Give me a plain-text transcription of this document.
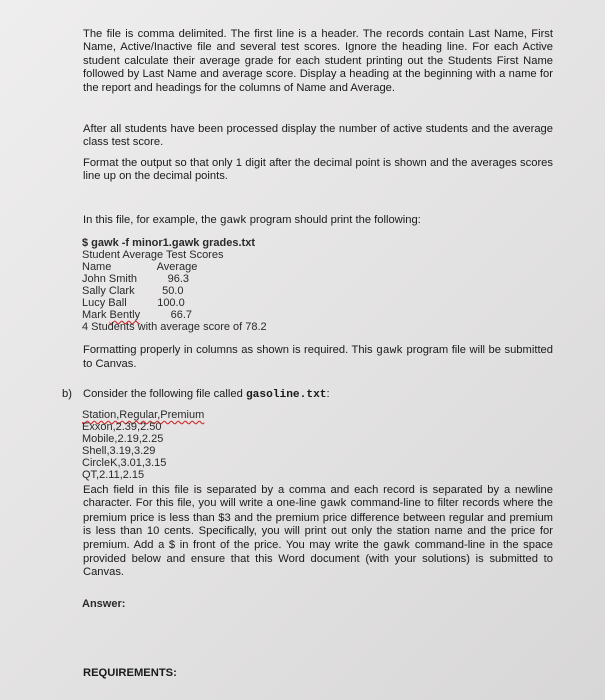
The file is comma delimited. The first line is a header. The records contain Last Name, First Name, Active/Inactive file and several test scores. Ignore the heading line. For each Active student calculate their average grade for each student printing out the Students First Name followed by Last Name and average score. Display a heading at the beginning with a name for the report and headings for the columns of Name and Average.
After all students have been processed display the number of active students and the average class test score.
Format the output so that only 1 digit after the decimal point is shown and the averages scores line up on the decimal points.
In this file, for example, the gawk program should print the following:
$ gawk -f minor1.gawk grades.txt
Student Average Test Scores
Name               Average
John Smith          96.3
Sally Clark         50.0
Lucy Ball          100.0
Mark Bently          66.7
4 Students with average score of 78.2
Formatting properly in columns as shown is required. This gawk program file will be submitted to Canvas.
b) Consider the following file called gasoline.txt:
Station,Regular,Premium
Exxon,2.39,2.50
Mobile,2.19,2.25
Shell,3.19,3.29
CircleK,3.01,3.15
QT,2.11,2.15
Each field in this file is separated by a comma and each record is separated by a newline character. For this file, you will write a one-line gawk command-line to filter records where the premium price is less than $3 and the premium price difference between regular and premium is less than 10 cents. Specifically, you will print out only the station name and the price for premium. Add a $ in front of the price. You may write the gawk command-line in the space provided below and ensure that this Word document (with your solutions) is submitted to Canvas.
Answer:
REQUIREMENTS:
